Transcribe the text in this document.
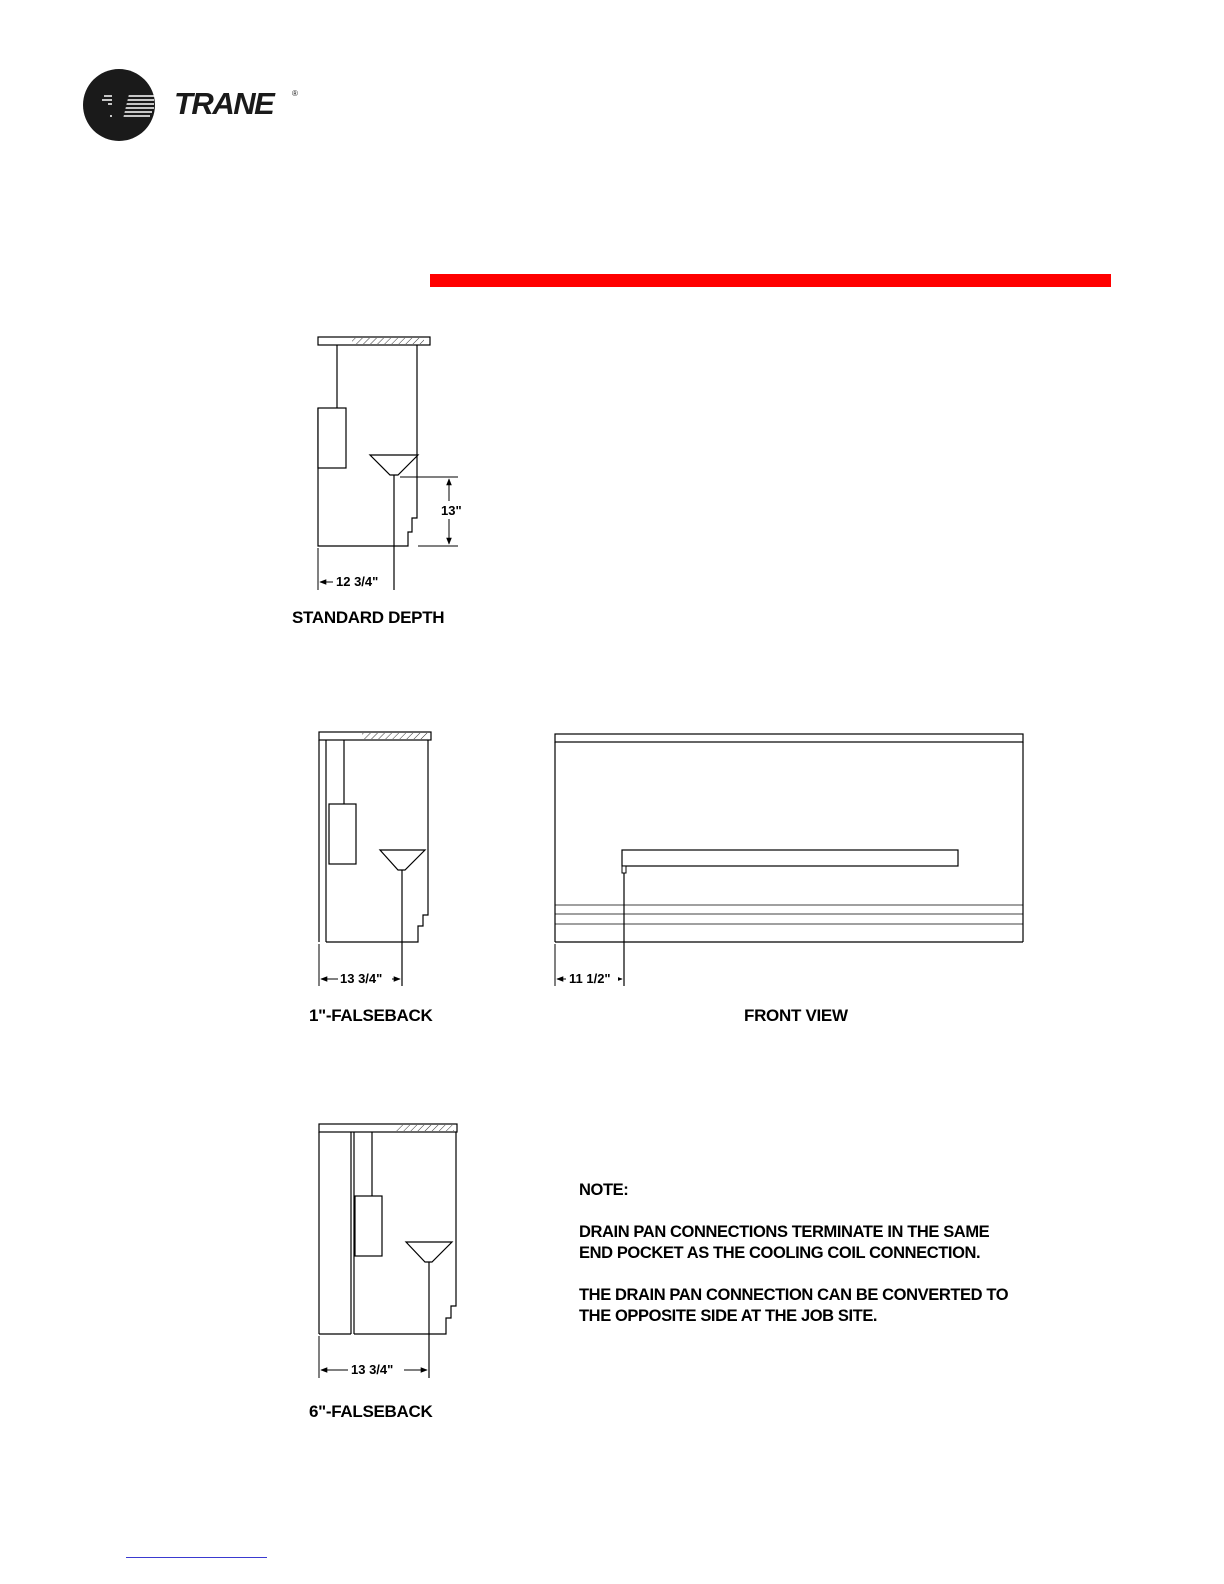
TRANE	®
13"
12 3/4"
STANDARD DEPTH
13 3/4"
1"-FALSEBACK
11 1/2"
FRONT VIEW
13 3/4"
6"-FALSEBACK

NOTE:

DRAIN PAN CONNECTIONS TERMINATE IN THE SAME
END POCKET AS THE COOLING COIL CONNECTION.

THE DRAIN PAN CONNECTION CAN BE CONVERTED TO
THE OPPOSITE SIDE AT THE JOB SITE.
